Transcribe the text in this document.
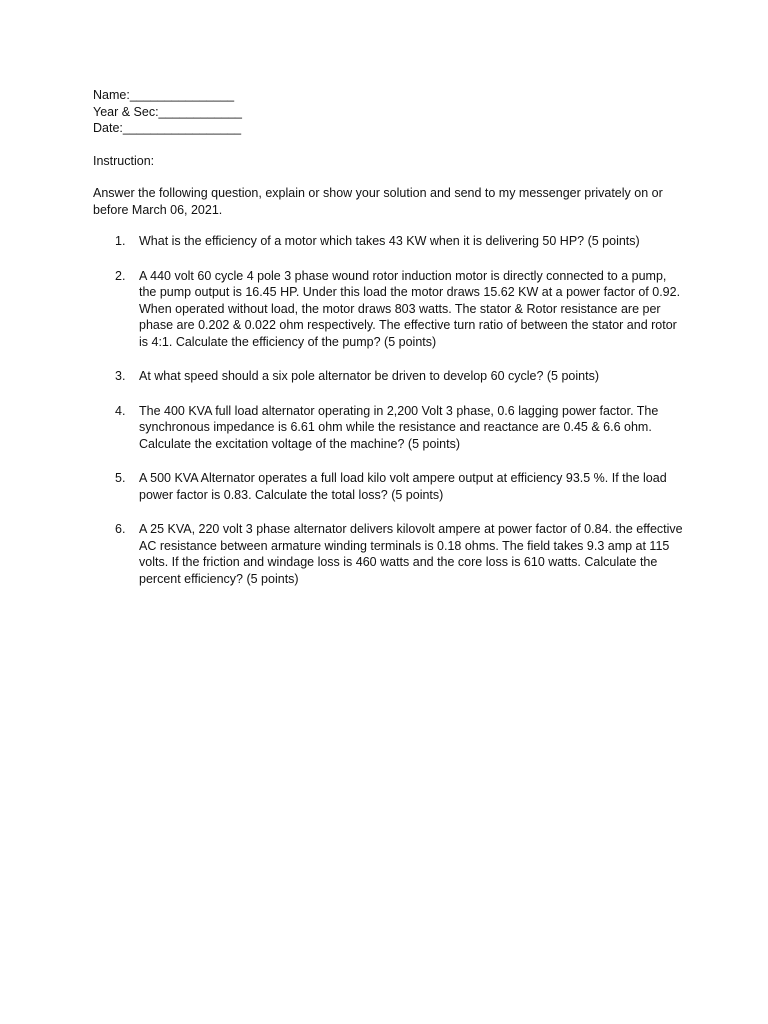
Name:_______________
Year & Sec:____________
Date:_________________
Instruction:
Answer the following question, explain or show your solution and send to my messenger privately on or before March 06, 2021.
1.	What is the efficiency of a motor which takes 43 KW when it is delivering 50 HP? (5 points)
2.	A 440 volt 60 cycle 4 pole 3 phase wound rotor induction motor is directly connected to a pump, the pump output is 16.45 HP. Under this load the motor draws 15.62 KW at a power factor of 0.92. When operated without load, the motor draws 803 watts. The stator & Rotor resistance are per phase are 0.202 & 0.022 ohm respectively. The effective turn ratio of between the stator and rotor is 4:1. Calculate the efficiency of the pump? (5 points)
3.	At what speed should a six pole alternator be driven to develop 60 cycle? (5 points)
4.	The 400 KVA full load alternator operating in 2,200 Volt 3 phase, 0.6 lagging power factor. The synchronous impedance is 6.61 ohm while the resistance and reactance are 0.45 & 6.6 ohm. Calculate the excitation voltage of the machine? (5 points)
5.	A 500 KVA Alternator operates a full load kilo volt ampere output at efficiency 93.5 %. If the load power factor is 0.83. Calculate the total loss? (5 points)
6.	A 25 KVA, 220 volt 3 phase alternator delivers kilovolt ampere at power factor of 0.84. the effective AC resistance between armature winding terminals is 0.18 ohms. The field takes 9.3 amp at 115 volts. If the friction and windage loss is 460 watts and the core loss is 610 watts. Calculate the percent efficiency? (5 points)
